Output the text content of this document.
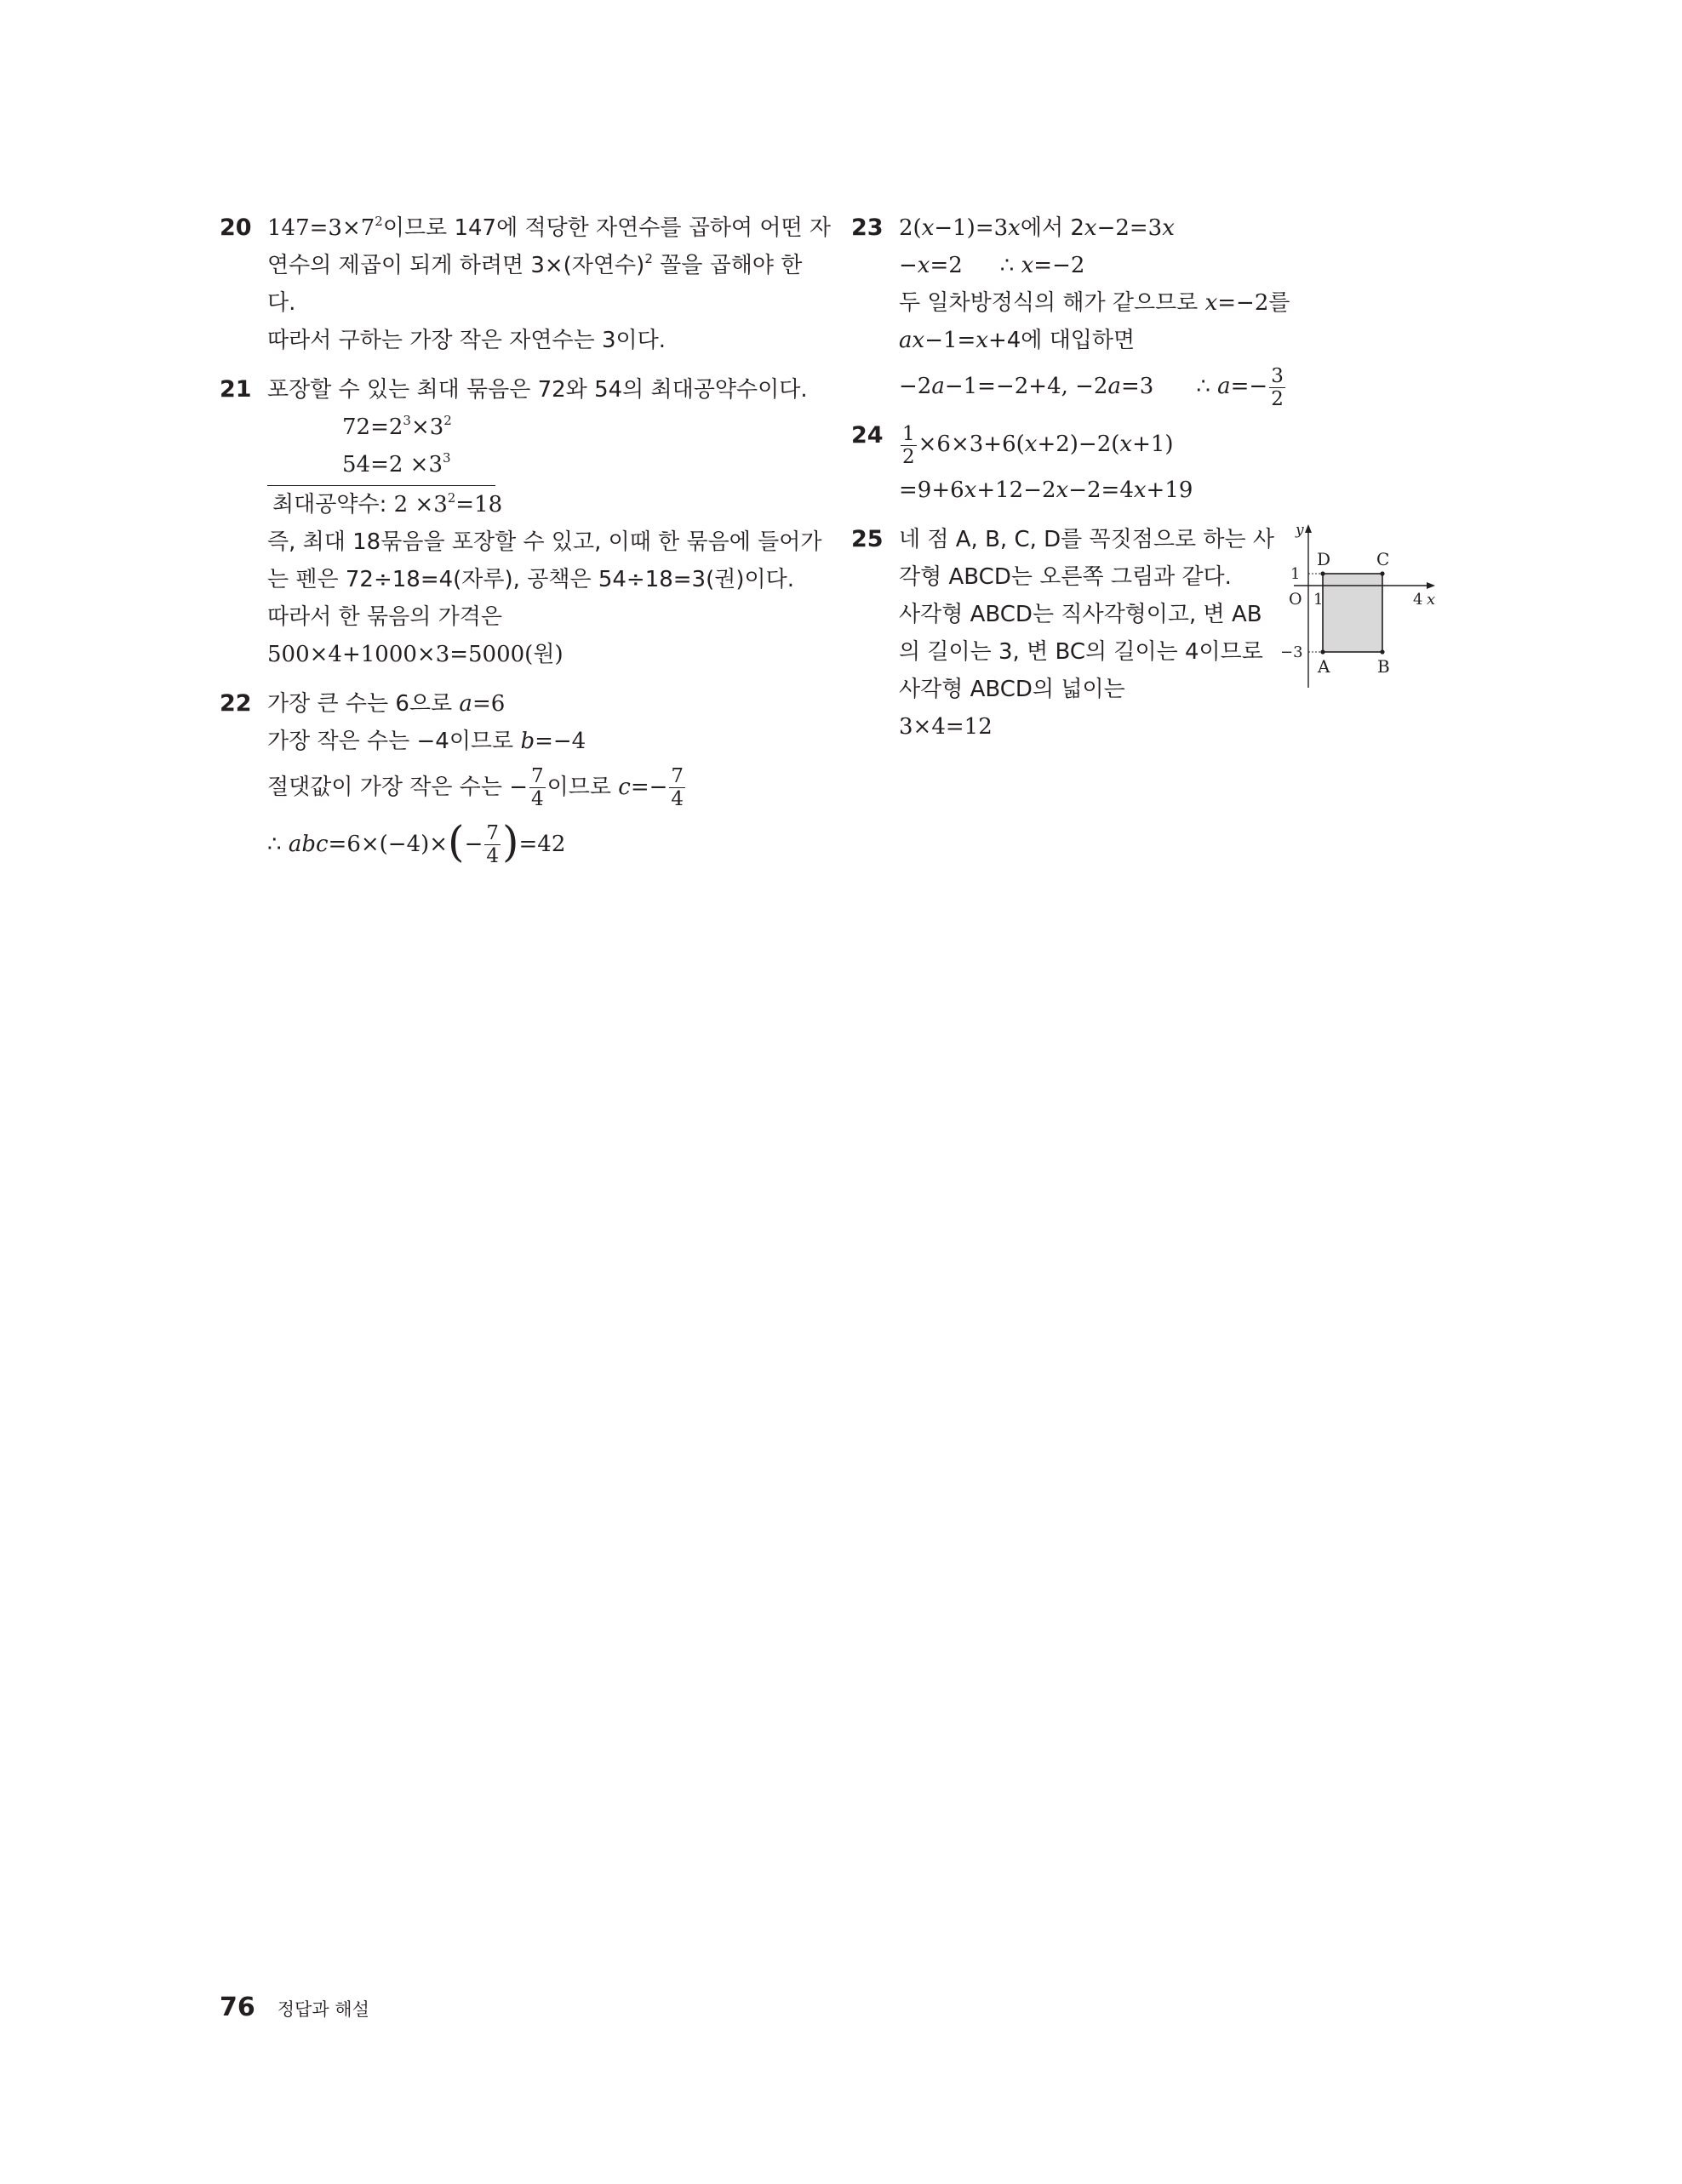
20 $147=3\times 7^2$이므로 147에 적당한 자연수를 곱하여 어떤 자
연수의 제곱이 되게 하려면 3×(자연수)$^2$ 꼴을 곱해야 한
다.
따라서 구하는 가장 작은 자연수는 3이다.
21 포장할 수 있는 최대 묶음은 72와 54의 최대공약수이다.
$72=2^3\times 3^2$
$54=2 \times 3^3$
최대공약수: $2 \times 3^2=18$
즉, 최대 18묶음을 포장할 수 있고, 이때 한 묶음에 들어가
는 펜은 72÷18=4(자루), 공책은 54÷18=3(권)이다.
따라서 한 묶음의 가격은
500×4+1000×3=5000(원)
22 가장 큰 수는 6으로 a=6
가장 작은 수는 −4이므로 b=−4
절댓값이 가장 작은 수는 − $\frac{7}{4}$ 이므로 $c=- \frac{7}{4}$
∴ $abc=6\times(-4)\times(- \frac{7}{4} )=42$
23 2(x−1)=3x에서 2x−2=3x
−x=2 ∴ x=−2
두 일차방정식의 해가 같으므로 x=−2를
ax−1=x+4에 대입하면
−2a−1=−2+4, −2a=3 ∴ $a=- \frac{3}{2}$
$24 \frac{1}{2} \times 6\times 3+6(x+2)-2(x+1)$
=9+6x+12−2x−2=4x+19
25 네 점 A, B, C, D를 꼭짓점으로 하는 사
각형 ABCD는 오른쪽 그림과 같다.
사각형 ABCD는 직사각형이고, 변 AB
의 길이는 3, 변 BC의 길이는 4이므로
사각형 ABCD의 넓이는
3×4=12
y
x
O
1
−3
1	4
A	B
C
D
76 정답과 해설
